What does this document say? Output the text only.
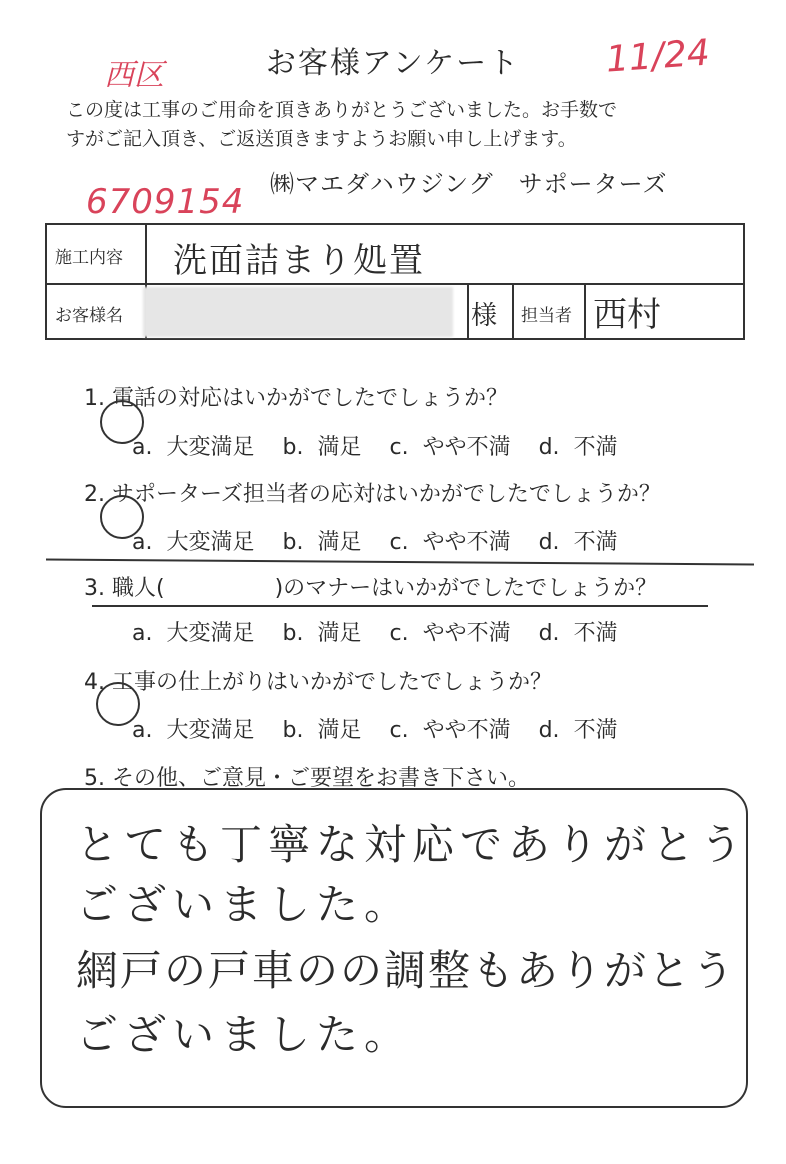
お客様アンケート
西区	11/24
この度は工事のご用命を頂きありがとうございました。お手数で
すがご記入頂き、ご返送頂きますようお願い申し上げます。
6709154 ㈱マエダハウジング　サポーターズ
施工内容 洗面詰まり処置
お客様名	様 担当者 西村

1. 電話の対応はいかがでしたでしょうか？

a. 大変満足 b. 満足 c. やや不満 d. 不満

2. サポーターズ担当者の応対はいかがでしたでしょうか？

a. 大変満足 b. 満足 c. やや不満 d. 不満

3. 職人(　　　　　)のマナーはいかがでしたでしょうか？

a. 大変満足 b. 満足 c. やや不満 d. 不満

4. 工事の仕上がりはいかがでしたでしょうか？

a. 大変満足 b. 満足 c. やや不満 d. 不満

5. その他、ご意見・ご要望をお書き下さい。

とても丁寧な対応でありがとう
ございました。
網戸の戸車のの調整もありがとう
ございました。
